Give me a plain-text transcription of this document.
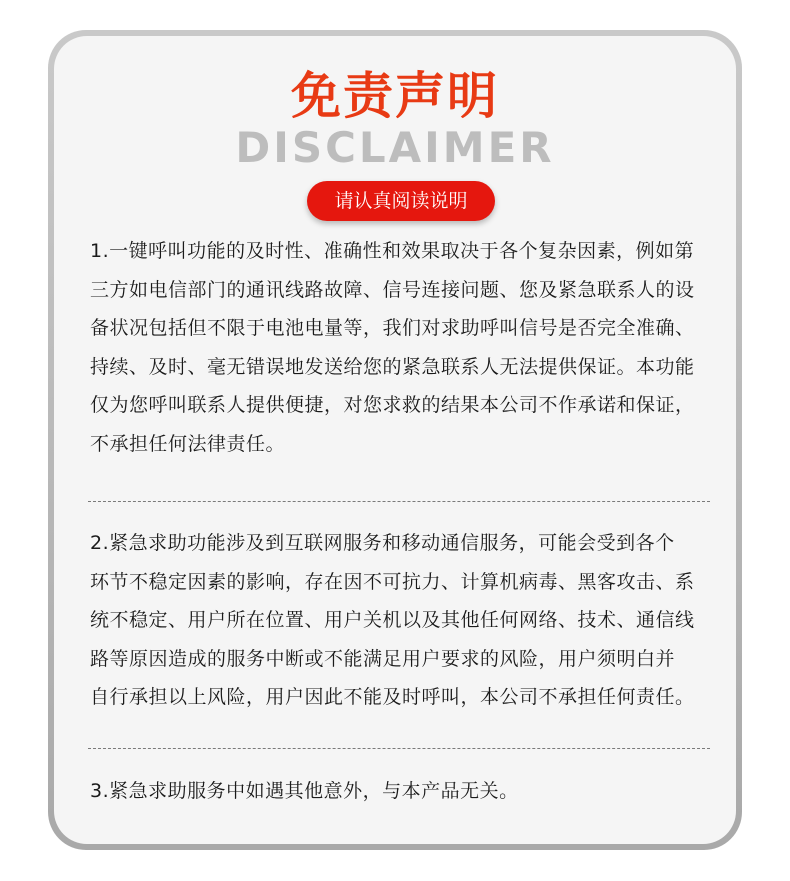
免责声明
DISCLAIMER
请认真阅读说明
1.一键呼叫功能的及时性、准确性和效果取决于各个复杂因素，例如第
三方如电信部门的通讯线路故障、信号连接问题、您及紧急联系人的设
备状况包括但不限于电池电量等，我们对求助呼叫信号是否完全准确、
持续、及时、毫无错误地发送给您的紧急联系人无法提供保证。本功能
仅为您呼叫联系人提供便捷，对您求救的结果本公司不作承诺和保证，
不承担任何法律责任。
2.紧急求助功能涉及到互联网服务和移动通信服务，可能会受到各个
环节不稳定因素的影响，存在因不可抗力、计算机病毒、黑客攻击、系
统不稳定、用户所在位置、用户关机以及其他任何网络、技术、通信线
路等原因造成的服务中断或不能满足用户要求的风险，用户须明白并
自行承担以上风险，用户因此不能及时呼叫，本公司不承担任何责任。
3.紧急求助服务中如遇其他意外，与本产品无关。
